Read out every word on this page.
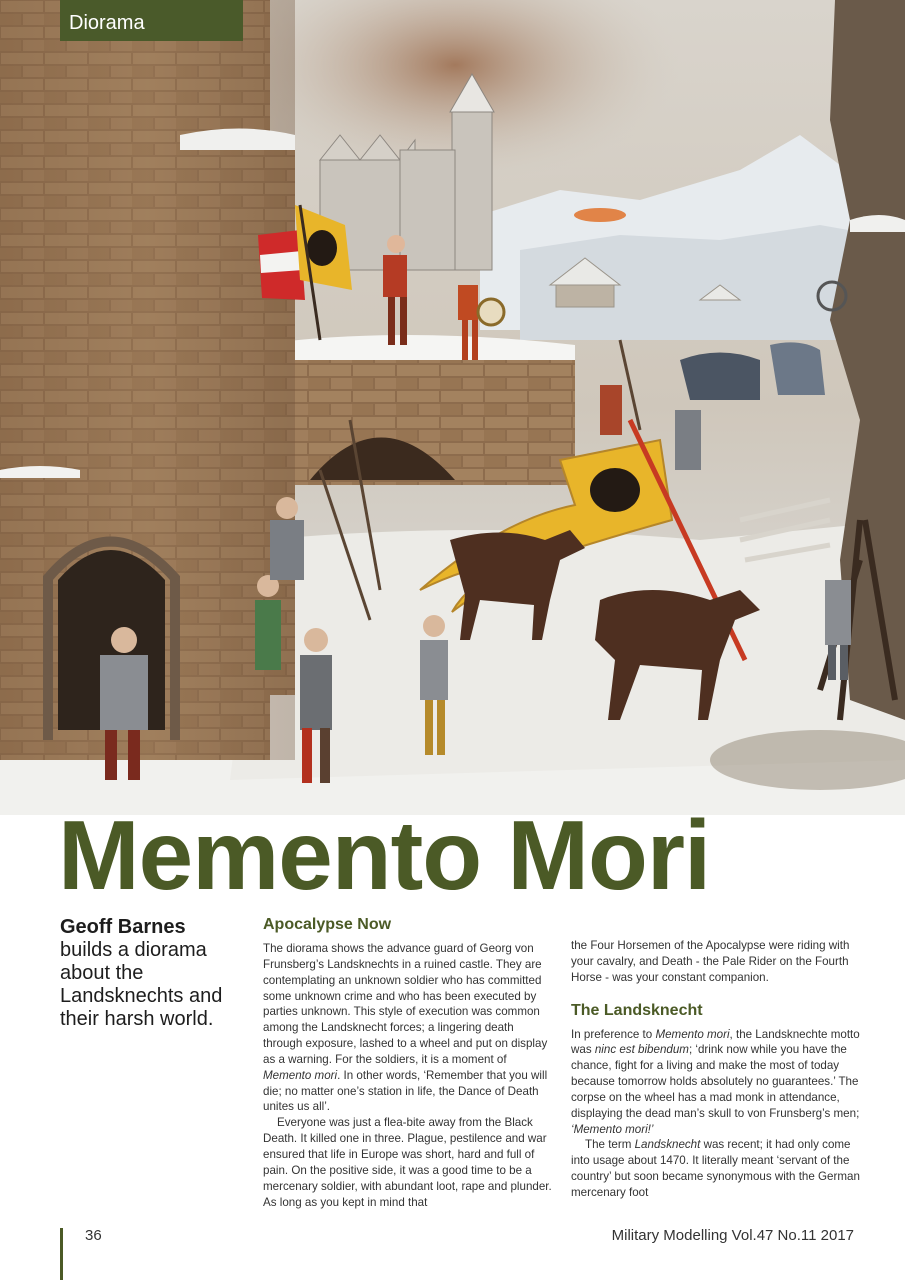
Diorama
Memento Mori
Geoff Barnes
builds a diorama about the Landsknechts and their harsh world.
Apocalypse Now

The diorama shows the advance guard of Georg von Frunsberg’s Landsknechts in a ruined castle. They are contemplating an unknown soldier who has committed some unknown crime and who has been executed by parties unknown. This style of execution was common among the Landsknecht forces; a lingering death through exposure, lashed to a wheel and put on display as a warning. For the soldiers, it is a moment of Memento mori. In other words, ‘Remember that you will die; no matter one’s station in life, the Dance of Death unites us all’.

Everyone was just a flea-bite away from the Black Death. It killed one in three. Plague, pestilence and war ensured that life in Europe was short, hard and full of pain. On the positive side, it was a good time to be a mercenary soldier, with abundant loot, rape and plunder. As long as you kept in mind that

the Four Horsemen of the Apocalypse were riding with your cavalry, and Death - the Pale Rider on the Fourth Horse - was your constant companion.

The Landsknecht

In preference to Memento mori, the Landsknechte motto was ninc est bibendum; ‘drink now while you have the chance, fight for a living and make the most of today because tomorrow holds absolutely no guarantees.’ The corpse on the wheel has a mad monk in attendance, displaying the dead man’s skull to von Frunsberg’s men; ‘Memento mori!’

The term Landsknecht was recent; it had only come into usage about 1470. It literally meant ‘servant of the country’ but soon became synonymous with the German mercenary foot

36	Military Modelling Vol.47 No.11 2017
